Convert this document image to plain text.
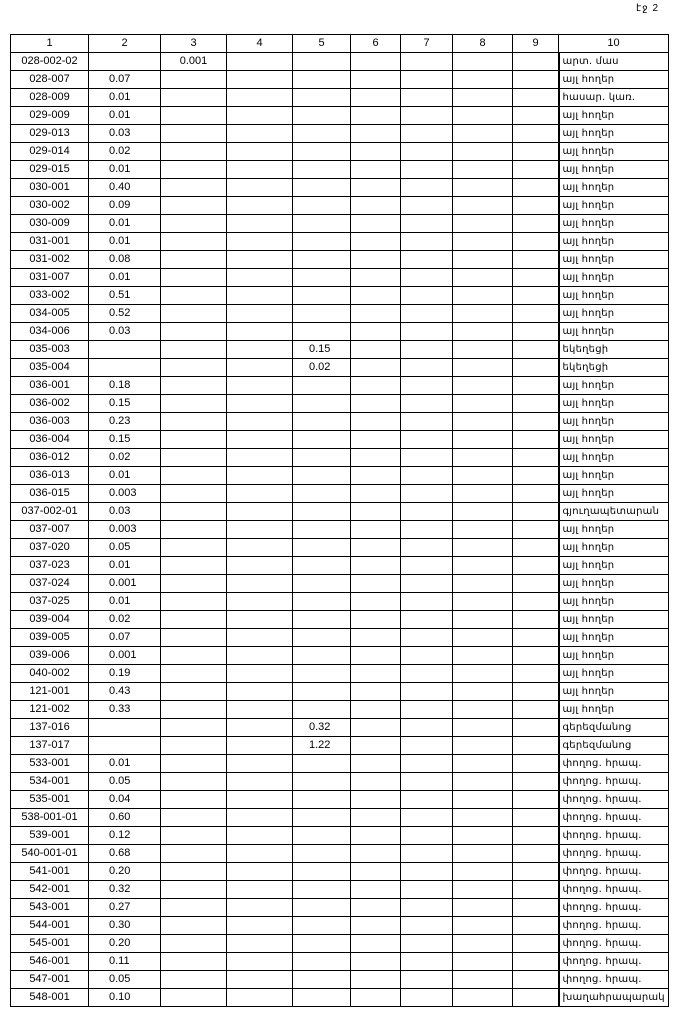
էջ 2
1	2	3	4	5	6	7	8	9	10
028-002-02		0.001							արտ. մաս
028-007	0.07								այլ հողեր
028-009	0.01								հասար. կառ.
029-009	0.01								այլ հողեր
029-013	0.03								այլ հողեր
029-014	0.02								այլ հողեր
029-015	0.01								այլ հողեր
030-001	0.40								այլ հողեր
030-002	0.09								այլ հողեր
030-009	0.01								այլ հողեր
031-001	0.01								այլ հողեր
031-002	0.08								այլ հողեր
031-007	0.01								այլ հողեր
033-002	0.51								այլ հողեր
034-005	0.52								այլ հողեր
034-006	0.03								այլ հողեր
035-003				0.15					եկեղեցի
035-004				0.02					եկեղեցի
036-001	0.18								այլ հողեր
036-002	0.15								այլ հողեր
036-003	0.23								այլ հողեր
036-004	0.15								այլ հողեր
036-012	0.02								այլ հողեր
036-013	0.01								այլ հողեր
036-015	0.003								այլ հողեր
037-002-01	0.03								գյուղապետարան
037-007	0.003								այլ հողեր
037-020	0.05								այլ հողեր
037-023	0.01								այլ հողեր
037-024	0.001								այլ հողեր
037-025	0.01								այլ հողեր
039-004	0.02								այլ հողեր
039-005	0.07								այլ հողեր
039-006	0.001								այլ հողեր
040-002	0.19								այլ հողեր
121-001	0.43								այլ հողեր
121-002	0.33								այլ հողեր
137-016				0.32					գերեզմանոց
137-017				1.22					գերեզմանոց
533-001	0.01								փողոց. հրապ.
534-001	0.05								փողոց. հրապ.
535-001	0.04								փողոց. հրապ.
538-001-01	0.60								փողոց. հրապ.
539-001	0.12								փողոց. հրապ.
540-001-01	0.68								փողոց. հրապ.
541-001	0.20								փողոց. հրապ.
542-001	0.32								փողոց. հրապ.
543-001	0.27								փողոց. հրապ.
544-001	0.30								փողոց. հրապ.
545-001	0.20								փողոց. հրապ.
546-001	0.11								փողոց. հրապ.
547-001	0.05								փողոց. հրապ.
548-001	0.10								խաղահրապարակ
